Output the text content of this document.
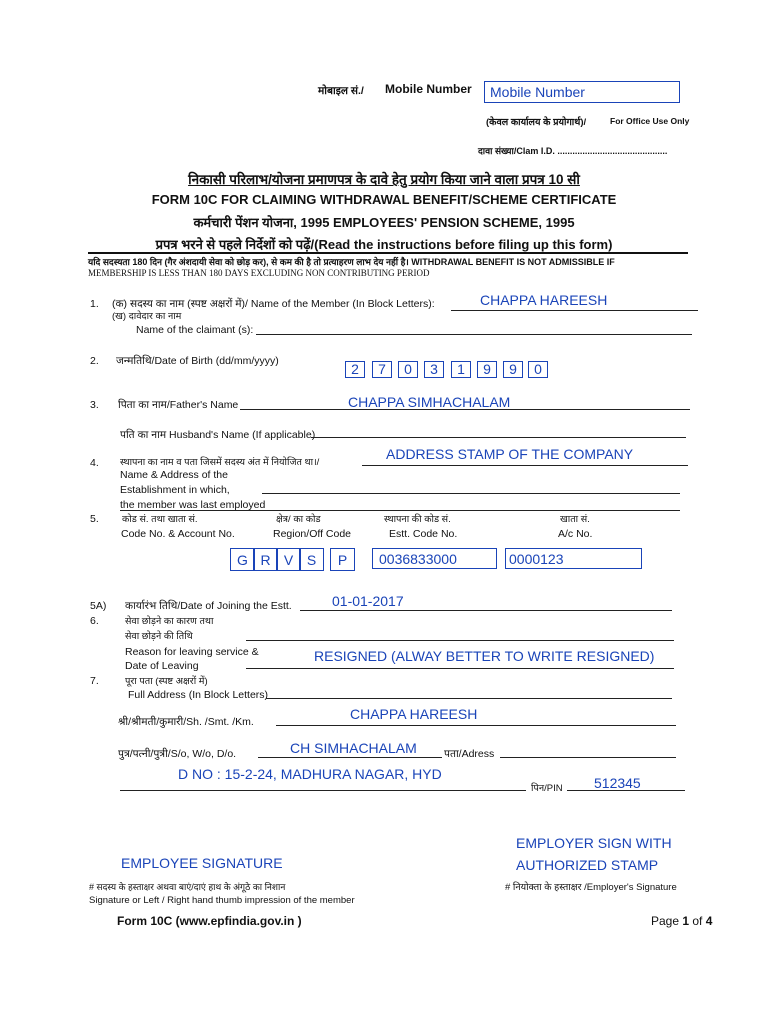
मोबाइल सं./ Mobile Number Mobile Number
(केवल कार्यालय के प्रयोगार्थ)/	For Office Use Only
दावा संख्या/Clam I.D. ............................................
निकासी परिलाभ/योजना प्रमाणपत्र के दावे हेतु प्रयोग किया जाने वाला प्रपत्र 10 सी
FORM 10C FOR CLAIMING WITHDRAWAL BENEFIT/SCHEME CERTIFICATE
कर्मचारी पेंशन योजना, 1995 EMPLOYEES' PENSION SCHEME, 1995
प्रपत्र भरने से पहले निर्देशों को पढ़ें/(Read the instructions before filing up this form)
यदि सदस्यता 180 दिन (गैर अंशदायी सेवा को छोड़ कर), से कम की है तो प्रत्याहरण लाभ देय नहीं है। WITHDRAWAL BENEFIT IS NOT ADMISSIBLE IF
MEMBERSHIP IS LESS THAN 180 DAYS EXCLUDING NON CONTRIBUTING PERIOD
1. (क) सदस्य का नाम (स्पष्ट अक्षरों में)/ Name of the Member (In Block Letters):	CHAPPA HAREESH
(ख) दावेदार का नाम
Name of the claimant (s):
2. जन्मतिथि/Date of Birth (dd/mm/yyyy)	2	7	0	3	1	9	9	0
3. पिता का नाम/Father's Name	CHAPPA SIMHACHALAM
पति का नाम Husband's Name (If applicable)
4. स्थापना का नाम व पता जिसमें सदस्य अंत में नियोजित था।/
ADDRESS STAMP OF THE COMPANY
Name & Address of the
Establishment in which,
the member was last employed
5. कोड सं. तथा खाता सं.	क्षेत्र/ का कोड	स्थापना की कोड सं.	खाता सं.
Code No. & Account No.	Region/Off Code	Estt. Code No.	A/c No.
G R V S	P	0036833000	0000123
5A) कार्यारंभ तिथि/Date of Joining the Estt.	01-01-2017
6.	सेवा छोड़ने का कारण तथा
सेवा छोड़ने की तिथि
Reason for leaving service &
Date of Leaving
RESIGNED (ALWAY BETTER TO WRITE RESIGNED)
7.	पूरा पता (स्पष्ट अक्षरों में)
Full Address (In Block Letters)
श्री/श्रीमती/कुमारी/Sh. /Smt. /Km.	CHAPPA HAREESH
पुत्र/पत्नी/पुत्री/S/o, W/o, D/o.	CH SIMHACHALAM	पता/Adress
D NO : 15-2-24, MADHURA NAGAR, HYD
पिन/PIN 512345
EMPLOYEE SIGNATURE
# सदस्य के हस्ताक्षर अथवा बाएं/दाएं हाथ के अंगूठे का निशान
Signature or Left / Right hand thumb impression of the member
EMPLOYER SIGN WITH
AUTHORIZED STAMP
# नियोक्ता के हस्ताक्षर /Employer's Signature
Form 10C (www.epfindia.gov.in )	Page 1 of 4
